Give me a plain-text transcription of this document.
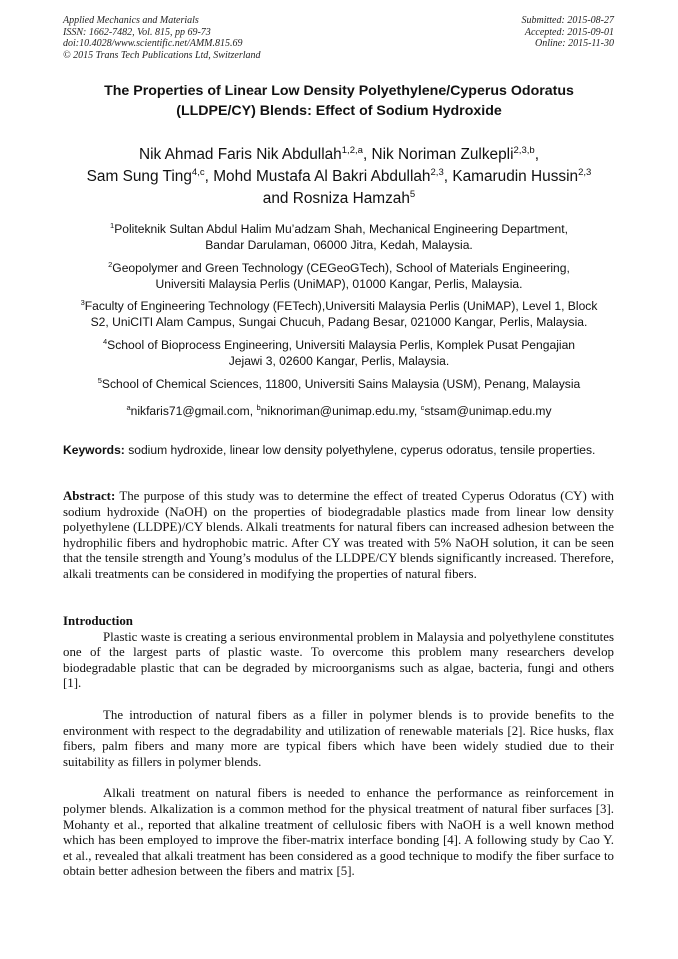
Applied Mechanics and Materials
ISSN: 1662-7482, Vol. 815, pp 69-73
doi:10.4028/www.scientific.net/AMM.815.69
© 2015 Trans Tech Publications Ltd, Switzerland
Submitted: 2015-08-27
Accepted: 2015-09-01
Online: 2015-11-30
The Properties of Linear Low Density Polyethylene/Cyperus Odoratus
(LLDPE/CY) Blends: Effect of Sodium Hydroxide
Nik Ahmad Faris Nik Abdullah$^{1,2,a}$, Nik Noriman Zulkepli$^{2,3,b}$,
Sam Sung Ting$^{4,c}$, Mohd Mustafa Al Bakri Abdullah$^{2,3}$, Kamarudin Hussin$^{2,3}$
and Rosniza Hamzah$^5$
$^1$Politeknik Sultan Abdul Halim Mu’adzam Shah, Mechanical Engineering Department,
Bandar Darulaman, 06000 Jitra, Kedah, Malaysia.
$^2$Geopolymer and Green Technology (CEGeoGTech), School of Materials Engineering,
Universiti Malaysia Perlis (UniMAP), 01000 Kangar, Perlis, Malaysia.
$^3$Faculty of Engineering Technology (FETech),Universiti Malaysia Perlis (UniMAP), Level 1, Block
S2, UniCITI Alam Campus, Sungai Chucuh, Padang Besar, 021000 Kangar, Perlis, Malaysia.
$^4$School of Bioprocess Engineering, Universiti Malaysia Perlis, Komplek Pusat Pengajian
Jejawi 3, 02600 Kangar, Perlis, Malaysia.
$^5$School of Chemical Sciences, 11800, Universiti Sains Malaysia (USM), Penang, Malaysia
$^a$nikfaris71@gmail.com, $^b$niknoriman@unimap.edu.my, $^c$stsam@unimap.edu.my
Keywords: sodium hydroxide, linear low density polyethylene, cyperus odoratus, tensile properties.

Abstract: The purpose of this study was to determine the effect of treated Cyperus Odoratus (CY) with sodium hydroxide (NaOH) on the properties of biodegradable plastics made from linear low density polyethylene (LLDPE)/CY blends. Alkali treatments for natural fibers can increased adhesion between the hydrophilic fibers and hydrophobic matric. After CY was treated with 5% NaOH solution, it can be seen that the tensile strength and Young’s modulus of the LLDPE/CY blends significantly increased. Therefore, alkali treatments can be considered in modifying the properties of natural fibers.

Introduction

Plastic waste is creating a serious environmental problem in Malaysia and polyethylene constitutes one of the largest parts of plastic waste. To overcome this problem many researchers develop biodegradable plastic that can be degraded by microorganisms such as algae, bacteria, fungi and others [1].

The introduction of natural fibers as a filler in polymer blends is to provide benefits to the environment with respect to the degradability and utilization of renewable materials [2]. Rice husks, flax fibers, palm fibers and many more are typical fibers which have been widely studied due to their suitability as fillers in polymer blends.

Alkali treatment on natural fibers is needed to enhance the performance as reinforcement in polymer blends. Alkalization is a common method for the physical treatment of natural fiber surfaces [3]. Mohanty et al., reported that alkaline treatment of cellulosic fibers with NaOH is a well known method which has been employed to improve the fiber-matrix interface bonding [4]. A following study by Cao Y. et al., revealed that alkali treatment has been considered as a good technique to modify the fiber surface to obtain better adhesion between the fibers and matrix [5].
